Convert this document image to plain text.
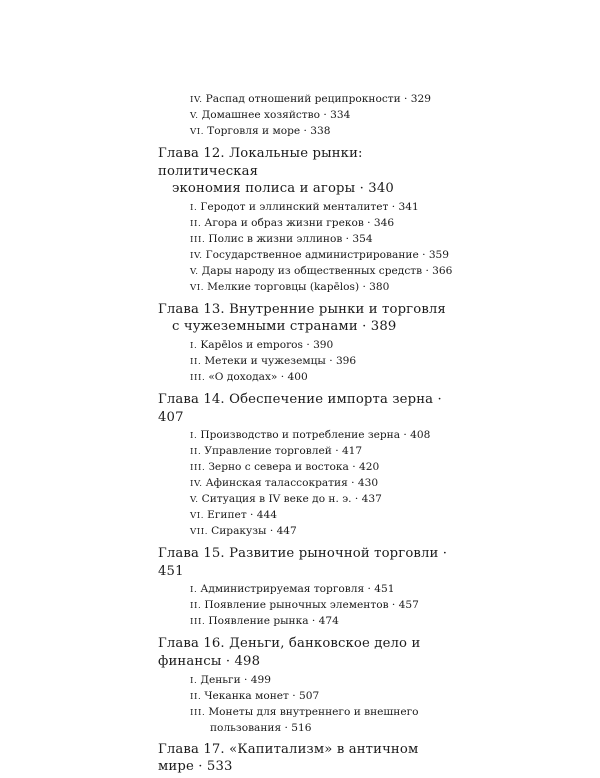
IV. Распад отношений реципрокности · 329
V. Домашнее хозяйство · 334
VI. Торговля и море · 338
Глава 12. Локальные рынки: политическая
экономия полиса и агоры · 340
I. Геродот и эллинский менталитет · 341
II. Агора и образ жизни греков · 346
III. Полис в жизни эллинов · 354
IV. Государственное администрирование · 359
V. Дары народу из общественных средств · 366
VI. Мелкие торговцы (kapēlos) · 380
Глава 13. Внутренние рынки и торговля
с чужеземными странами · 389
I. Kapēlos и emporos · 390
II. Метеки и чужеземцы · 396
III. «О доходах» · 400
Глава 14. Обеспечение импорта зерна · 407
I. Производство и потребление зерна · 408
II. Управление торговлей · 417
III. Зерно с севера и востока · 420
IV. Афинская талассократия · 430
V. Ситуация в IV веке до н. э. · 437
VI. Египет · 444
VII. Сиракузы · 447
Глава 15. Развитие рыночной торговли · 451
I. Администрируемая торговля · 451
II. Появление рыночных элементов · 457
III. Появление рынка · 474
Глава 16. Деньги, банковское дело и финансы · 498
I. Деньги · 499
II. Чеканка монет · 507
III. Монеты для внутреннего и внешнего
пользования · 516
Глава 17. «Капитализм» в античном мире · 533
